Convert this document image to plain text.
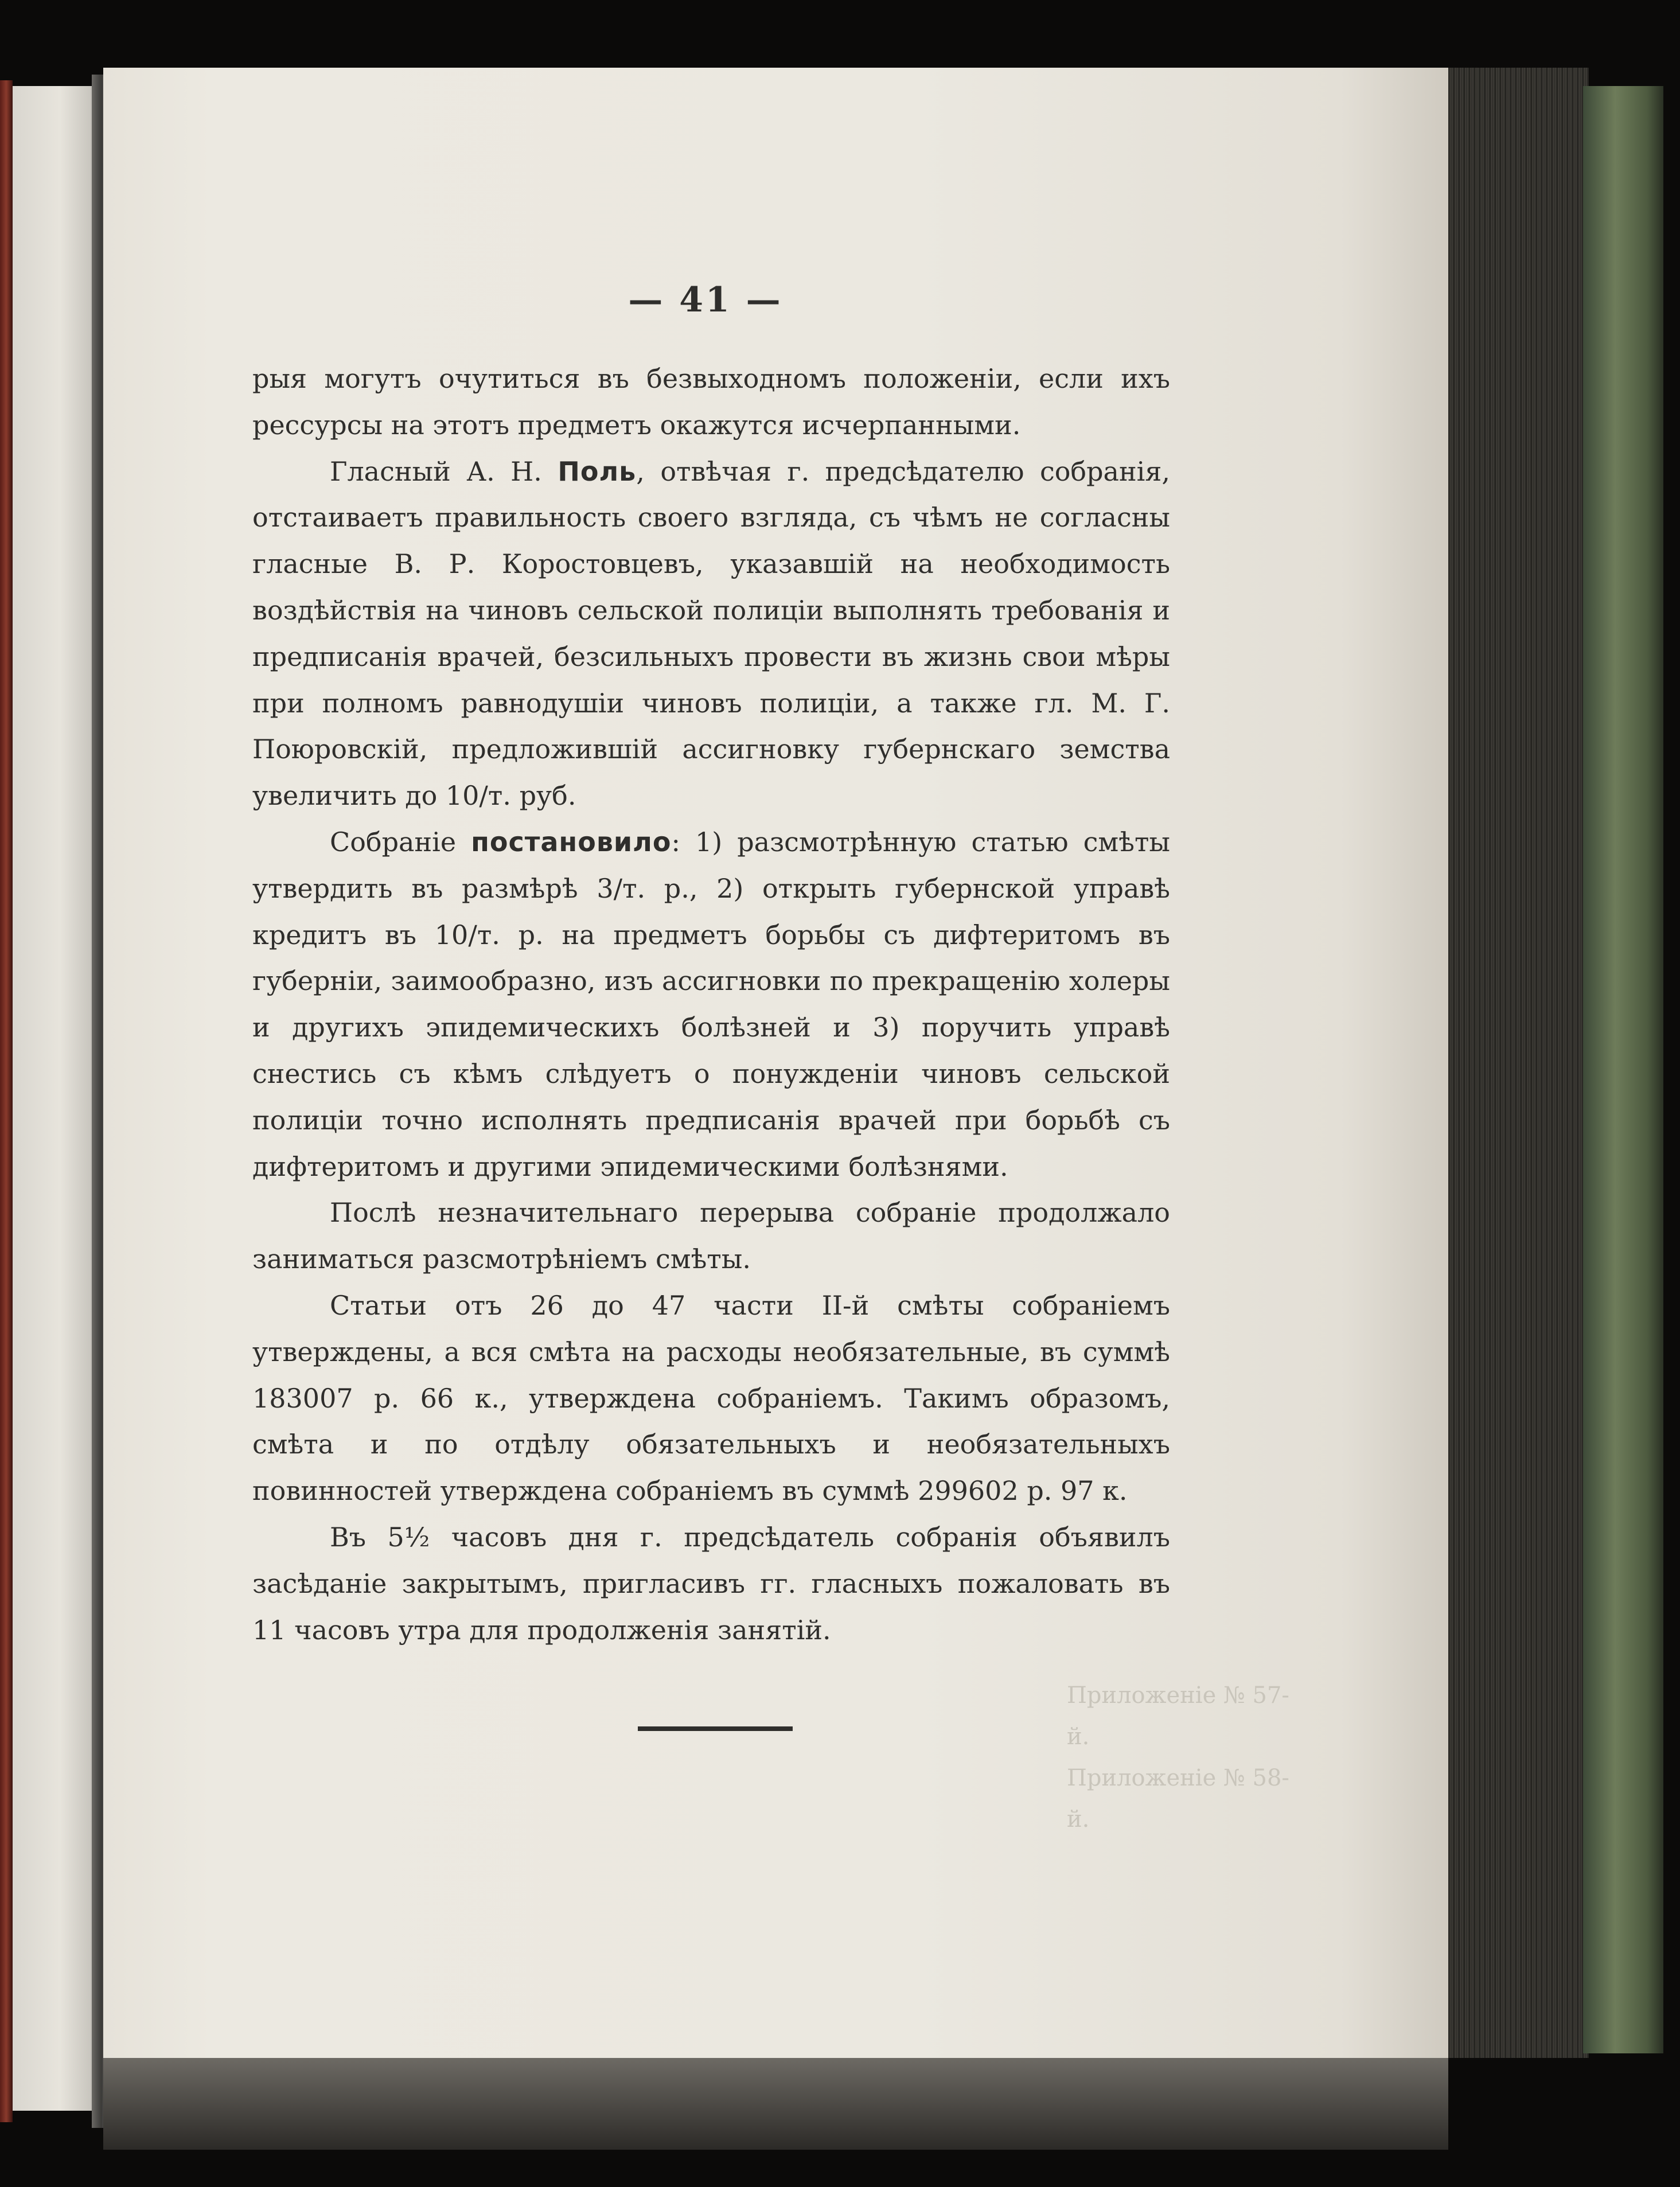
Приложеніе № 57-й.
Приложеніе № 58-й.
— 41 —

рыя могутъ очутиться въ безвыходномъ положеніи, если ихъ рессурсы на этотъ предметъ окажутся исчерпанными.

Гласный А. Н. Поль, отвѣчая г. предсѣдателю собранія, отстаиваетъ правильность своего взгляда, съ чѣмъ не согласны гласные В. Р. Коростовцевъ, указавшій на необходимость воздѣйствія на чиновъ сельской полиціи выполнять требованія и предписанія врачей, безсильныхъ провести въ жизнь свои мѣры при полномъ равнодушіи чиновъ полиціи, а также гл. М. Г. Поюровскій, предложившій ассигновку губернскаго земства увеличить до 10/т. руб.

Собраніе постановило: 1) разсмотрѣнную статью смѣты утвердить въ размѣрѣ 3/т. р., 2) открыть губернской управѣ кредитъ въ 10/т. р. на предметъ борьбы съ дифтеритомъ въ губерніи, заимообразно, изъ ассигновки по прекращенію холеры и другихъ эпидемическихъ болѣзней и 3) поручить управѣ снестись съ кѣмъ слѣдуетъ о понужденіи чиновъ сельской полиціи точно исполнять предписанія врачей при борьбѣ съ дифтеритомъ и другими эпидемическими болѣзнями.

Послѣ незначительнаго перерыва собраніе продолжало заниматься разсмотрѣніемъ смѣты.

Статьи отъ 26 до 47 части II-й смѣты собраніемъ утверждены, а вся смѣта на расходы необязательные, въ суммѣ 183007 р. 66 к., утверждена собраніемъ. Такимъ образомъ, смѣта и по отдѣлу обязательныхъ и необязательныхъ повинностей утверждена собраніемъ въ суммѣ 299602 р. 97 к.

Въ 5½ часовъ дня г. предсѣдатель собранія объявилъ засѣданіе закрытымъ, пригласивъ гг. гласныхъ пожаловать въ 11 часовъ утра для продолженія занятій.
